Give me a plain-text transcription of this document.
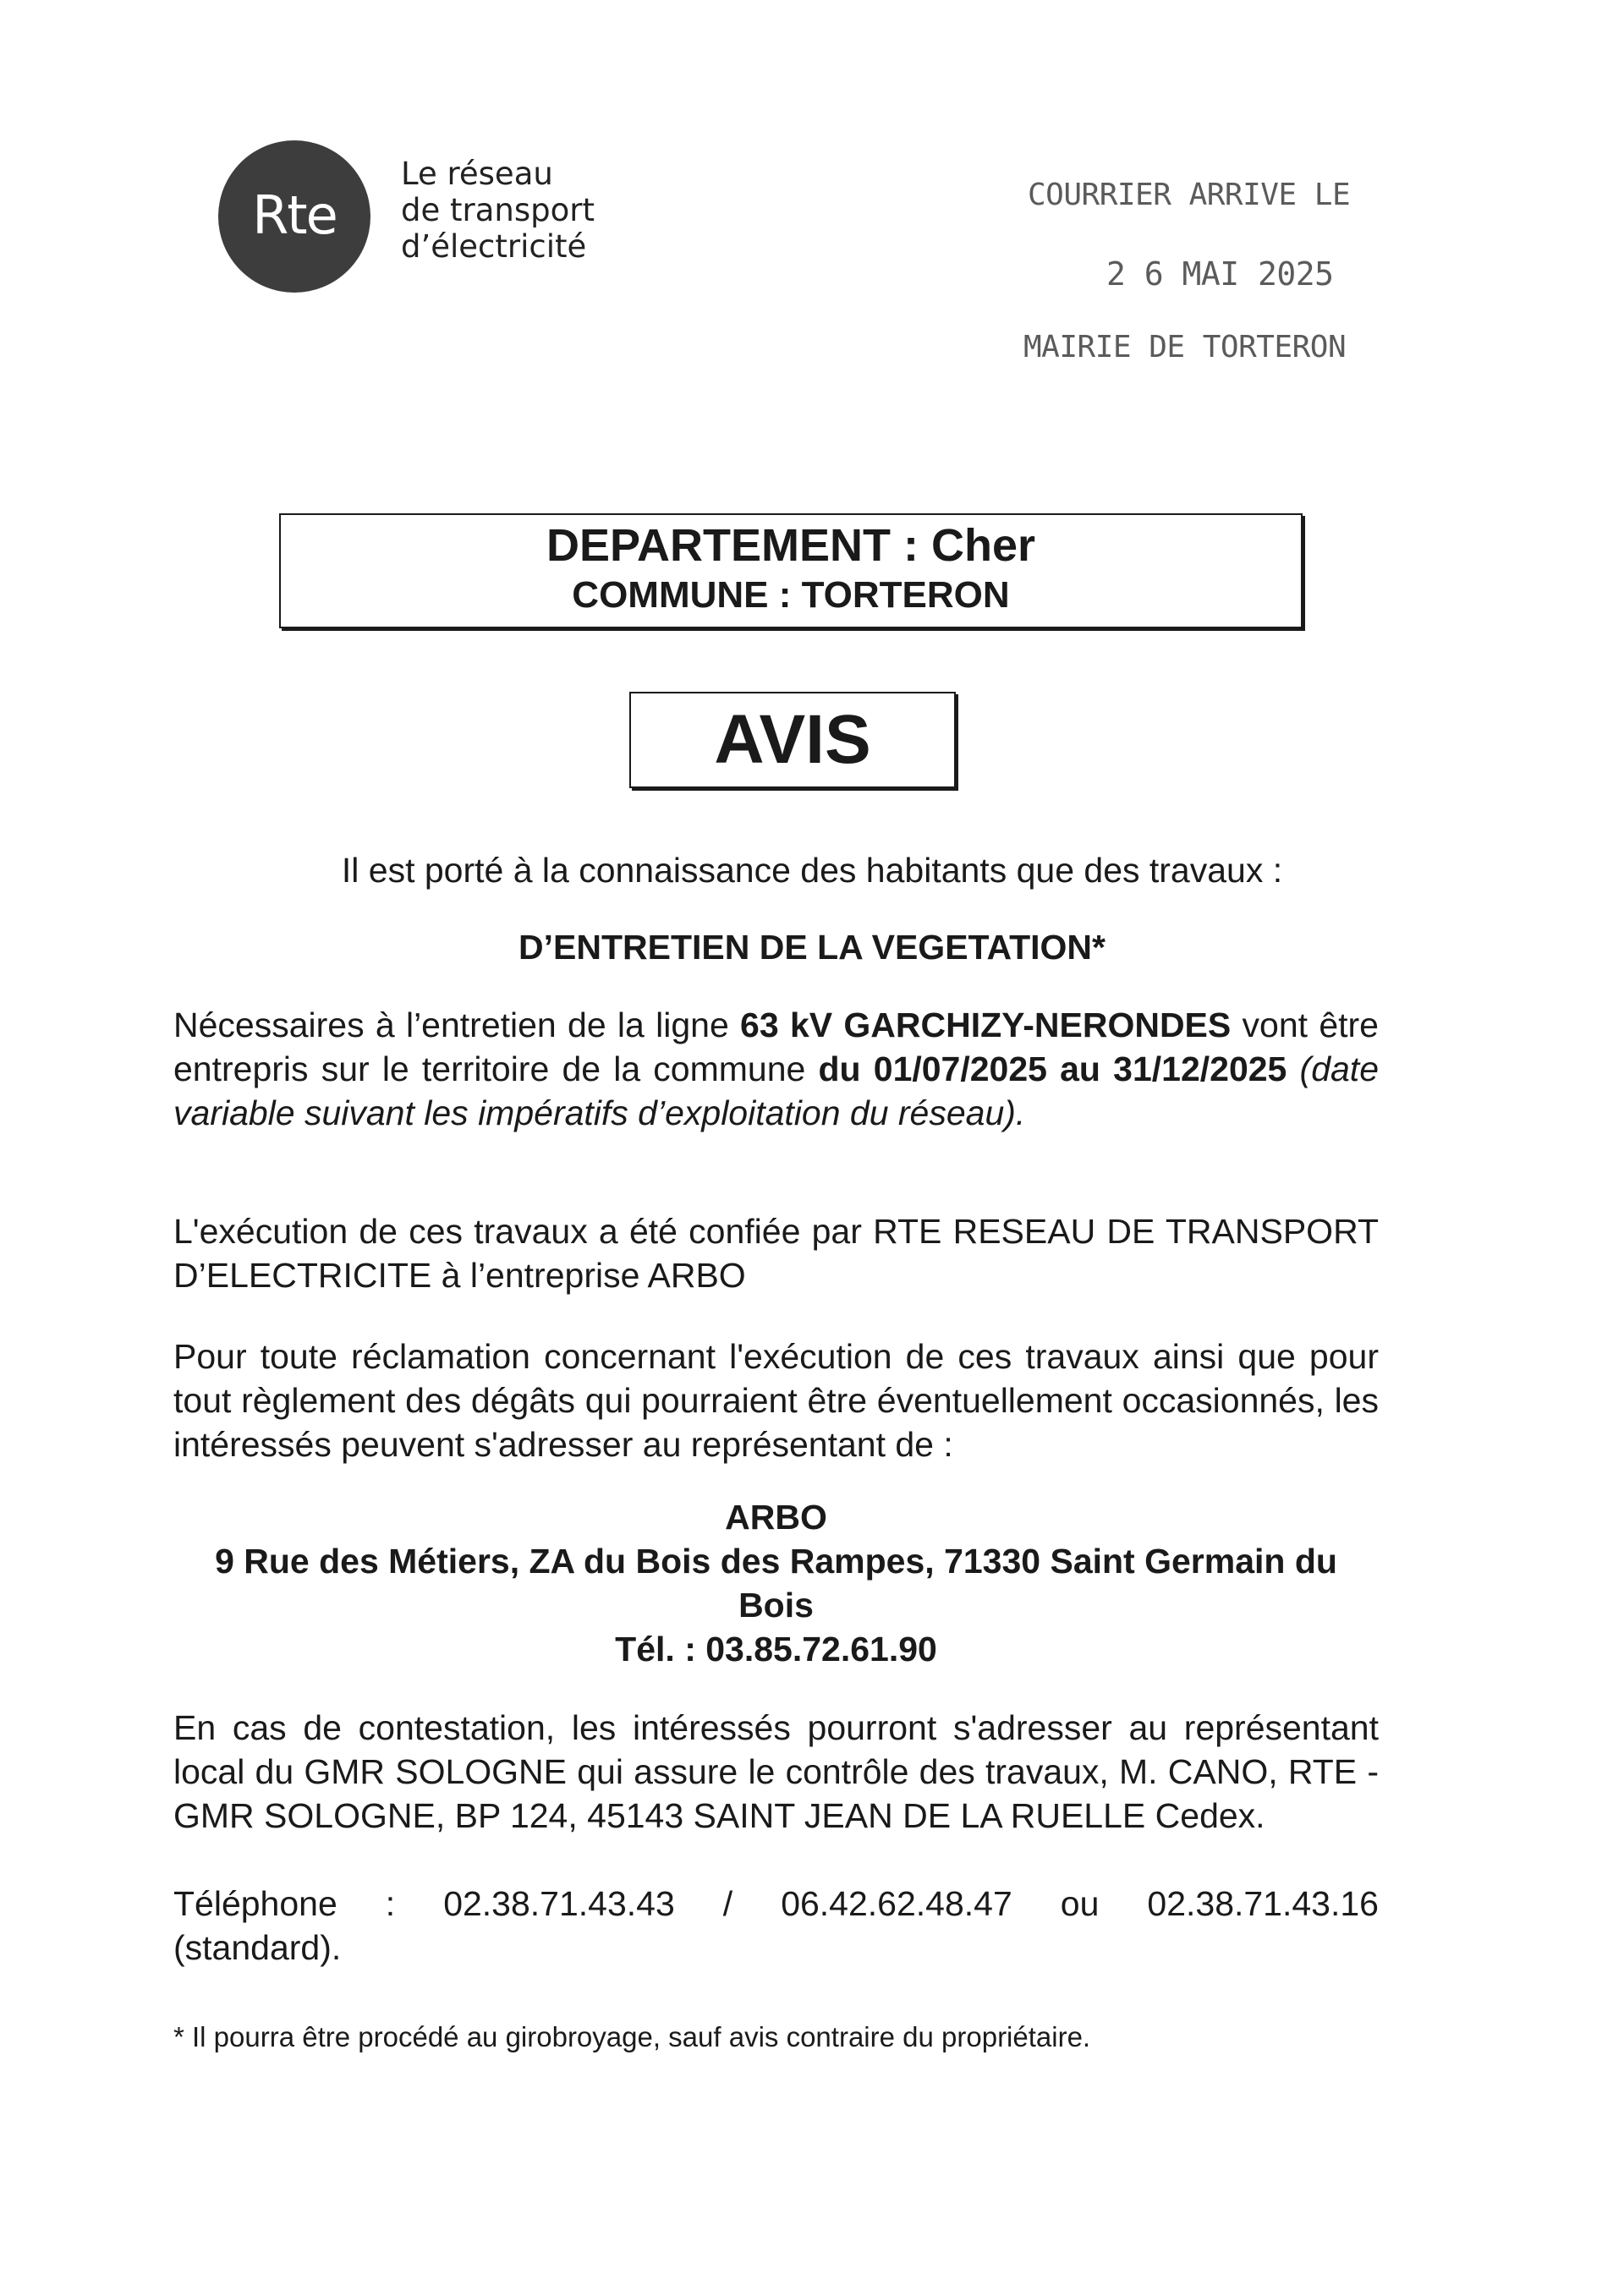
Rte
Le réseau
de transport
d’électricité
COURRIER ARRIVE LE
2 6 MAI 2025
MAIRIE DE TORTERON
DEPARTEMENT : Cher
COMMUNE : TORTERON
AVIS
Il est porté à la connaissance des habitants que des travaux :
D’ENTRETIEN DE LA VEGETATION*
Nécessaires à l’entretien de la ligne 63 kV GARCHIZY-NERONDES vont être entrepris sur le territoire de la commune du 01/07/2025 au 31/12/2025 (date variable suivant les impératifs d’exploitation du réseau).
L'exécution de ces travaux a été confiée par RTE RESEAU DE TRANSPORT D’ELECTRICITE à l’entreprise ARBO
Pour toute réclamation concernant l'exécution de ces travaux ainsi que pour tout règlement des dégâts qui pourraient être éventuellement occasionnés, les intéressés peuvent s'adresser au représentant de :
ARBO
9 Rue des Métiers, ZA du Bois des Rampes, 71330 Saint Germain du Bois
Tél. : 03.85.72.61.90
En cas de contestation, les intéressés pourront s'adresser au représentant local du GMR SOLOGNE qui assure le contrôle des travaux, M. CANO, RTE - GMR SOLOGNE, BP 124, 45143 SAINT JEAN DE LA RUELLE Cedex.
Téléphone : 02.38.71.43.43 / 06.42.62.48.47 ou 02.38.71.43.16
(standard).
* Il pourra être procédé au girobroyage, sauf avis contraire du propriétaire.
